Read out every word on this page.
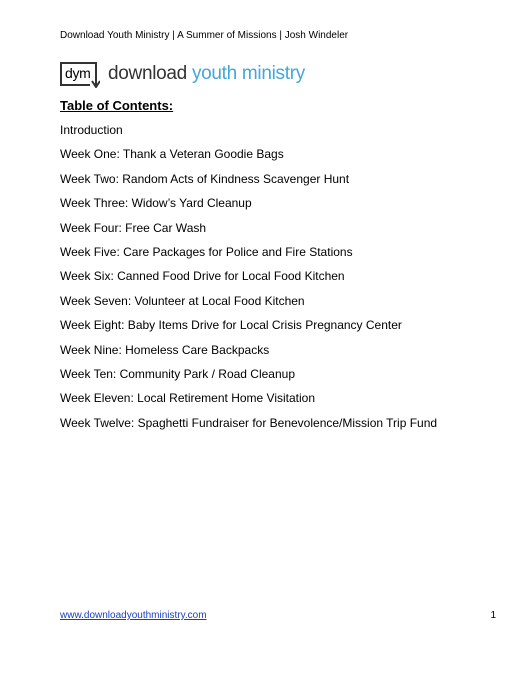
Download Youth Ministry | A Summer of Missions | Josh Windeler
dym download youth ministry
Table of Contents:
Introduction
Week One: Thank a Veteran Goodie Bags
Week Two: Random Acts of Kindness Scavenger Hunt
Week Three: Widow’s Yard Cleanup
Week Four: Free Car Wash
Week Five: Care Packages for Police and Fire Stations
Week Six: Canned Food Drive for Local Food Kitchen
Week Seven: Volunteer at Local Food Kitchen
Week Eight: Baby Items Drive for Local Crisis Pregnancy Center
Week Nine: Homeless Care Backpacks
Week Ten: Community Park / Road Cleanup
Week Eleven: Local Retirement Home Visitation
Week Twelve: Spaghetti Fundraiser for Benevolence/Mission Trip Fund
www.downloadyouthministry.com	1
